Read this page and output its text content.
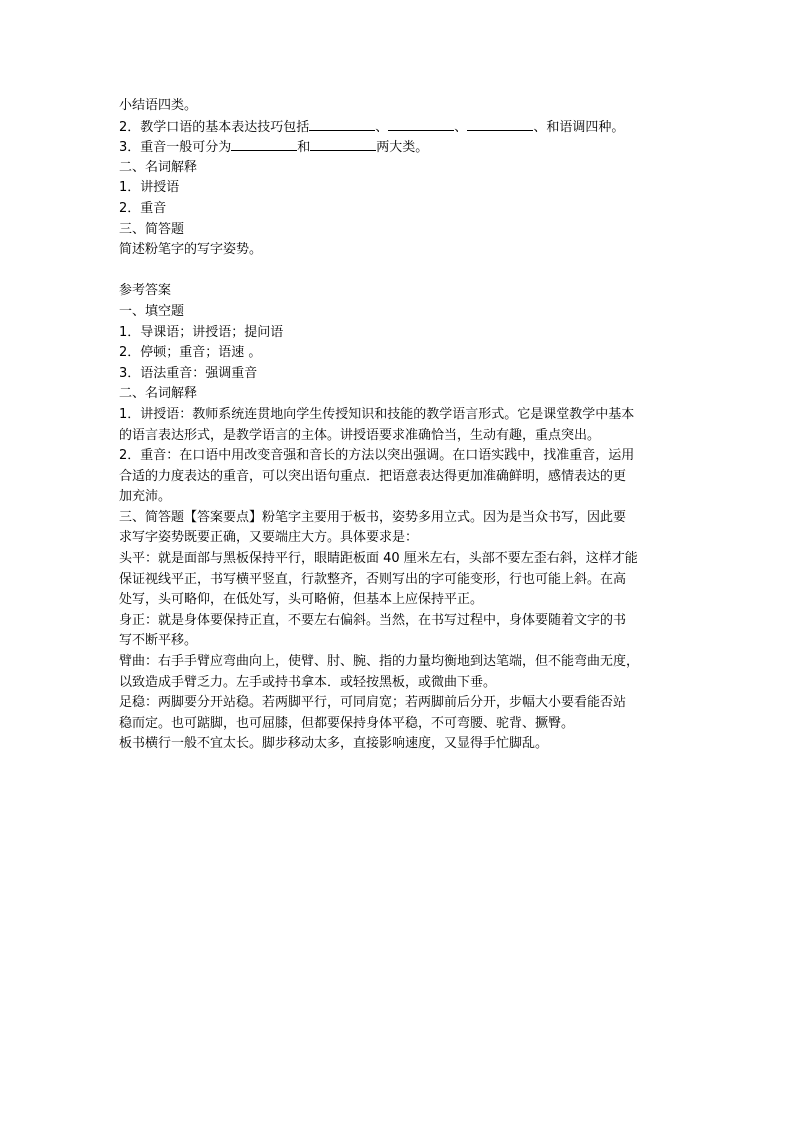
小结语四类。
2．教学口语的基本表达技巧包括	、	、	、和语调四种。
3．重音一般可分为	和	两大类。
二、名词解释
1．讲授语
2．重音
三、简答题
简述粉笔字的写字姿势。
参考答案
一、填空题
1．导课语；讲授语；提问语
2．停顿；重音；语速 。
3．语法重音：强调重音
二、名词解释
1．讲授语：教师系统连贯地向学生传授知识和技能的教学语言形式。它是课堂教学中基本
的语言表达形式，是教学语言的主体。讲授语要求准确恰当，生动有趣，重点突出。
2．重音：在口语中用改变音强和音长的方法以突出强调。在口语实践中，找准重音，运用
合适的力度表达的重音，可以突出语句重点．把语意表达得更加准确鲜明，感情表达的更
加充沛。
三、简答题【答案要点】粉笔字主要用于板书，姿势多用立式。因为是当众书写，因此要
求写字姿势既要正确，又要端庄大方。具体要求是：
头平：就是面部与黑板保持平行，眼睛距板面 40 厘米左右，头部不要左歪右斜，这样才能
保证视线平正，书写横平竖直，行款整齐，否则写出的字可能变形，行也可能上斜。在高
处写，头可略仰，在低处写，头可略俯，但基本上应保持平正。
身正：就是身体要保持正直，不要左右偏斜。当然，在书写过程中，身体要随着文字的书
写不断平移。
臂曲：右手手臂应弯曲向上，使臂、肘、腕、指的力量均衡地到达笔端，但不能弯曲无度，
以致造成手臂乏力。左手或持书拿本．或轻按黑板，或微曲下垂。
足稳：两脚要分开站稳。若两脚平行，可同肩宽；若两脚前后分开，步幅大小要看能否站
稳而定。也可踮脚，也可屈膝，但都要保持身体平稳，不可弯腰、驼背、撅臀。
板书横行一般不宜太长。脚步移动太多，直接影响速度，又显得手忙脚乱。
